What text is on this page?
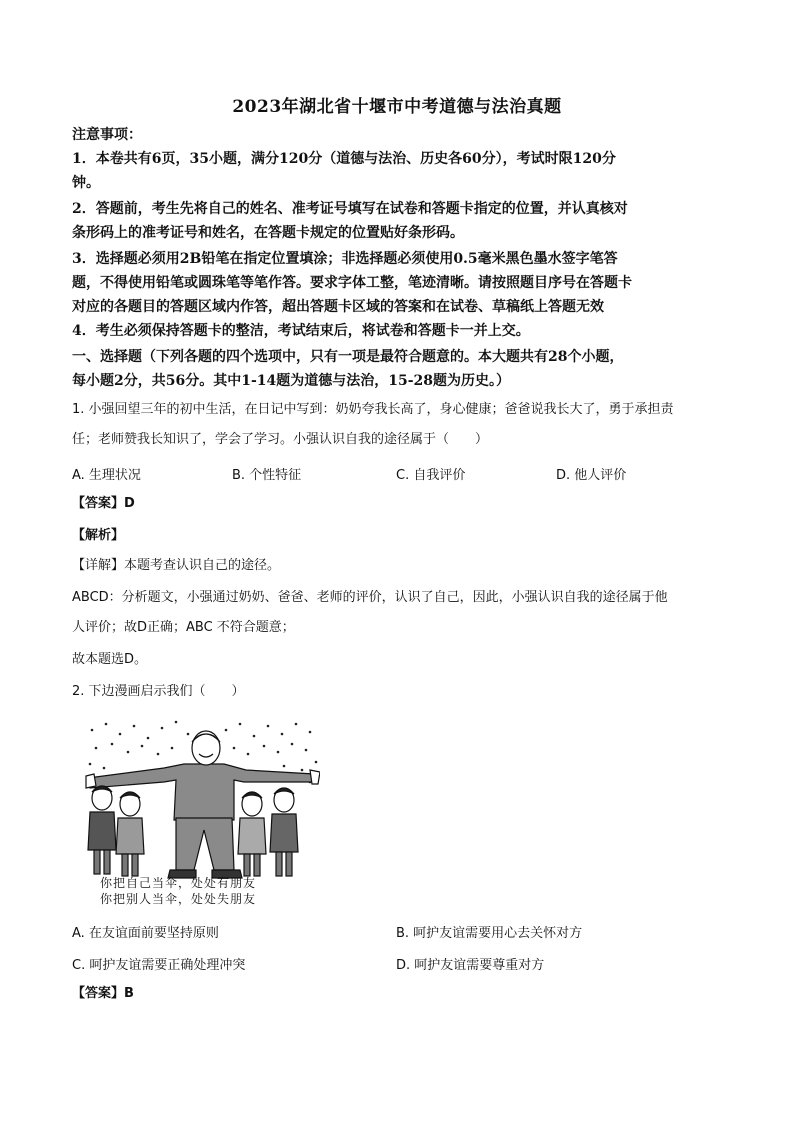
2023年湖北省十堰市中考道德与法治真题
注意事项：
1．本卷共有6页，35小题，满分120分（道德与法治、历史各60分），考试时限120分
钟。
2．答题前，考生先将自己的姓名、准考证号填写在试卷和答题卡指定的位置，并认真核对
条形码上的准考证号和姓名，在答题卡规定的位置贴好条形码。
3．选择题必须用2B铅笔在指定位置填涂；非选择题必须使用0.5毫米黑色墨水签字笔答
题，不得使用铅笔或圆珠笔等笔作答。要求字体工整，笔迹清晰。请按照题目序号在答题卡
对应的各题目的答题区域内作答，超出答题卡区域的答案和在试卷、草稿纸上答题无效
4．考生必须保持答题卡的整洁，考试结束后，将试卷和答题卡一并上交。
一、选择题（下列各题的四个选项中，只有一项是最符合题意的。本大题共有28个小题，
每小题2分，共56分。其中1-14题为道德与法治，15-28题为历史。）
1. 小强回望三年的初中生活，在日记中写到：奶奶夸我长高了，身心健康；爸爸说我长大了，勇于承担责
任；老师赞我长知识了，学会了学习。小强认识自我的途径属于（　　）
A. 生理状况	B. 个性特征	C. 自我评价	D. 他人评价
【答案】D
【解析】
【详解】本题考查认识自己的途径。
ABCD：分析题文，小强通过奶奶、爸爸、老师的评价，认识了自己，因此，小强认识自我的途径属于他
人评价；故D正确；ABC 不符合题意；
故本题选D。
2. 下边漫画启示我们（　　）
你把自己当伞，处处有朋友
你把别人当伞，处处失朋友
A. 在友谊面前要坚持原则	B. 呵护友谊需要用心去关怀对方
C. 呵护友谊需要正确处理冲突	D. 呵护友谊需要尊重对方
【答案】B
